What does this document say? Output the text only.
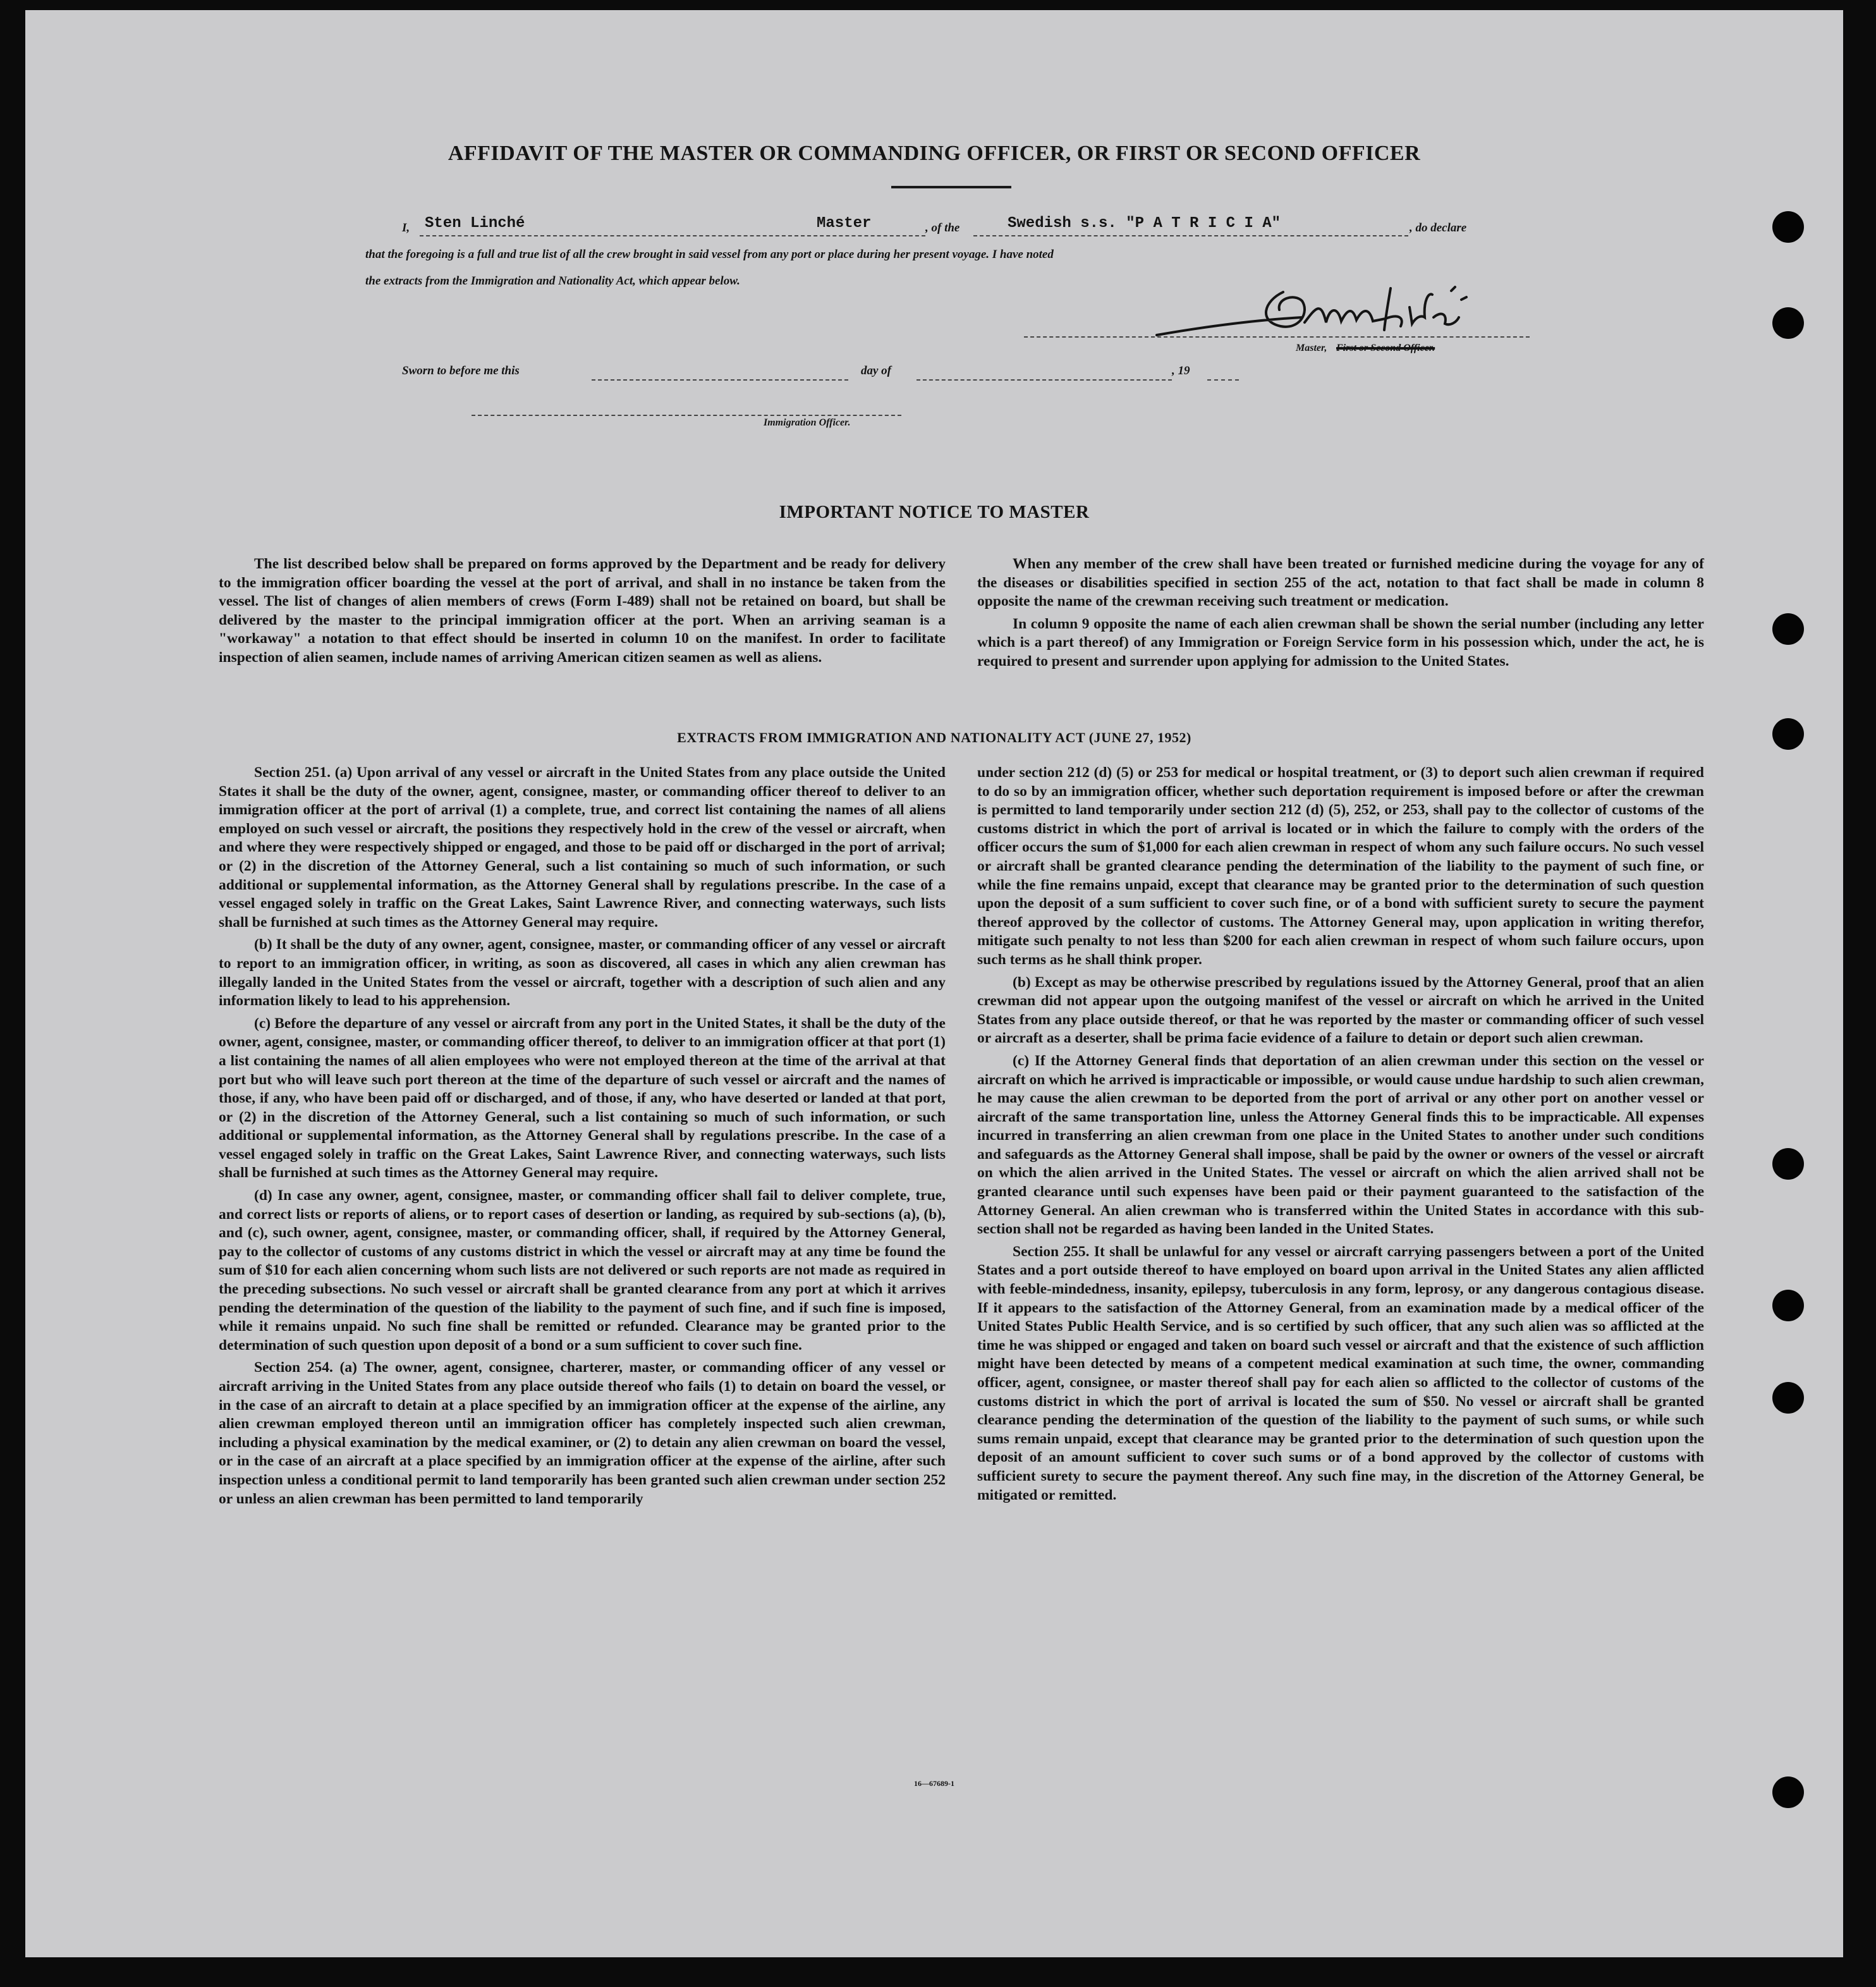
AFFIDAVIT OF THE MASTER OR COMMANDING OFFICER, OR FIRST OR SECOND OFFICER
I, Sten Linché	Master	, of the	Swedish s.s. "P A T R I C I A"	, do declare
that the foregoing is a full and true list of all the crew brought in said vessel from any port or place during her present voyage. I have noted
the extracts from the Immigration and Nationality Act, which appear below.
Master, First or Second Officer.
Sworn to before me this	day of	, 19
Immigration Officer.
IMPORTANT NOTICE TO MASTER

The list described below shall be prepared on forms approved by the Department and be ready for delivery to the immigration officer boarding the vessel at the port of arrival, and shall in no instance be taken from the vessel. The list of changes of alien members of crews (Form I-489) shall not be retained on board, but shall be delivered by the master to the principal immigration officer at the port. When an arriving seaman is a "workaway" a notation to that effect should be inserted in column 10 on the manifest. In order to facilitate inspection of alien seamen, include names of arriving American citizen seamen as well as aliens.

When any member of the crew shall have been treated or furnished medicine during the voyage for any of the diseases or disabilities specified in section 255 of the act, notation to that fact shall be made in column 8 opposite the name of the crewman receiving such treatment or medication.

In column 9 opposite the name of each alien crewman shall be shown the serial number (including any letter which is a part thereof) of any Immigration or Foreign Service form in his possession which, under the act, he is required to present and surrender upon applying for admission to the United States.

EXTRACTS FROM IMMIGRATION AND NATIONALITY ACT (JUNE 27, 1952)

Section 251. (a) Upon arrival of any vessel or aircraft in the United States from any place outside the United States it shall be the duty of the owner, agent, consignee, master, or commanding officer thereof to deliver to an immigration officer at the port of arrival (1) a complete, true, and correct list containing the names of all aliens employed on such vessel or aircraft, the positions they respectively hold in the crew of the vessel or aircraft, when and where they were respectively shipped or engaged, and those to be paid off or discharged in the port of arrival; or (2) in the discretion of the Attorney General, such a list containing so much of such information, or such additional or supplemental information, as the Attorney General shall by regulations prescribe. In the case of a vessel engaged solely in traffic on the Great Lakes, Saint Lawrence River, and connecting waterways, such lists shall be furnished at such times as the Attorney General may require.

(b) It shall be the duty of any owner, agent, consignee, master, or commanding officer of any vessel or aircraft to report to an immigration officer, in writing, as soon as discovered, all cases in which any alien crewman has illegally landed in the United States from the vessel or aircraft, together with a description of such alien and any information likely to lead to his apprehension.

(c) Before the departure of any vessel or aircraft from any port in the United States, it shall be the duty of the owner, agent, consignee, master, or commanding officer thereof, to deliver to an immigration officer at that port (1) a list containing the names of all alien employees who were not employed thereon at the time of the arrival at that port but who will leave such port thereon at the time of the departure of such vessel or aircraft and the names of those, if any, who have been paid off or discharged, and of those, if any, who have deserted or landed at that port, or (2) in the discretion of the Attorney General, such a list containing so much of such information, or such additional or supplemental information, as the Attorney General shall by regulations prescribe. In the case of a vessel engaged solely in traffic on the Great Lakes, Saint Lawrence River, and connecting waterways, such lists shall be furnished at such times as the Attorney General may require.

(d) In case any owner, agent, consignee, master, or commanding officer shall fail to deliver complete, true, and correct lists or reports of aliens, or to report cases of desertion or landing, as required by sub-sections (a), (b), and (c), such owner, agent, consignee, master, or commanding officer, shall, if required by the Attorney General, pay to the collector of customs of any customs district in which the vessel or aircraft may at any time be found the sum of $10 for each alien concerning whom such lists are not delivered or such reports are not made as required in the preceding subsections. No such vessel or aircraft shall be granted clearance from any port at which it arrives pending the determination of the question of the liability to the payment of such fine, and if such fine is imposed, while it remains unpaid. No such fine shall be remitted or refunded. Clearance may be granted prior to the determination of such question upon deposit of a bond or a sum sufficient to cover such fine.

Section 254. (a) The owner, agent, consignee, charterer, master, or commanding officer of any vessel or aircraft arriving in the United States from any place outside thereof who fails (1) to detain on board the vessel, or in the case of an aircraft to detain at a place specified by an immigration officer at the expense of the airline, any alien crewman employed thereon until an immigration officer has completely inspected such alien crewman, including a physical examination by the medical examiner, or (2) to detain any alien crewman on board the vessel, or in the case of an aircraft at a place specified by an immigration officer at the expense of the airline, after such inspection unless a conditional permit to land temporarily has been granted such alien crewman under section 252 or unless an alien crewman has been permitted to land temporarily

under section 212 (d) (5) or 253 for medical or hospital treatment, or (3) to deport such alien crewman if required to do so by an immigration officer, whether such deportation requirement is imposed before or after the crewman is permitted to land temporarily under section 212 (d) (5), 252, or 253, shall pay to the collector of customs of the customs district in which the port of arrival is located or in which the failure to comply with the orders of the officer occurs the sum of $1,000 for each alien crewman in respect of whom any such failure occurs. No such vessel or aircraft shall be granted clearance pending the determination of the liability to the payment of such fine, or while the fine remains unpaid, except that clearance may be granted prior to the determination of such question upon the deposit of a sum sufficient to cover such fine, or of a bond with sufficient surety to secure the payment thereof approved by the collector of customs. The Attorney General may, upon application in writing therefor, mitigate such penalty to not less than $200 for each alien crewman in respect of whom such failure occurs, upon such terms as he shall think proper.

(b) Except as may be otherwise prescribed by regulations issued by the Attorney General, proof that an alien crewman did not appear upon the outgoing manifest of the vessel or aircraft on which he arrived in the United States from any place outside thereof, or that he was reported by the master or commanding officer of such vessel or aircraft as a deserter, shall be prima facie evidence of a failure to detain or deport such alien crewman.

(c) If the Attorney General finds that deportation of an alien crewman under this section on the vessel or aircraft on which he arrived is impracticable or impossible, or would cause undue hardship to such alien crewman, he may cause the alien crewman to be deported from the port of arrival or any other port on another vessel or aircraft of the same transportation line, unless the Attorney General finds this to be impracticable. All expenses incurred in transferring an alien crewman from one place in the United States to another under such conditions and safeguards as the Attorney General shall impose, shall be paid by the owner or owners of the vessel or aircraft on which the alien arrived in the United States. The vessel or aircraft on which the alien arrived shall not be granted clearance until such expenses have been paid or their payment guaranteed to the satisfaction of the Attorney General. An alien crewman who is transferred within the United States in accordance with this sub-section shall not be regarded as having been landed in the United States.

Section 255. It shall be unlawful for any vessel or aircraft carrying passengers between a port of the United States and a port outside thereof to have employed on board upon arrival in the United States any alien afflicted with feeble-mindedness, insanity, epilepsy, tuberculosis in any form, leprosy, or any dangerous contagious disease. If it appears to the satisfaction of the Attorney General, from an examination made by a medical officer of the United States Public Health Service, and is so certified by such officer, that any such alien was so afflicted at the time he was shipped or engaged and taken on board such vessel or aircraft and that the existence of such affliction might have been detected by means of a competent medical examination at such time, the owner, commanding officer, agent, consignee, or master thereof shall pay for each alien so afflicted to the collector of customs of the customs district in which the port of arrival is located the sum of $50. No vessel or aircraft shall be granted clearance pending the determination of the question of the liability to the payment of such sums, or while such sums remain unpaid, except that clearance may be granted prior to the determination of such question upon the deposit of an amount sufficient to cover such sums or of a bond approved by the collector of customs with sufficient surety to secure the payment thereof. Any such fine may, in the discretion of the Attorney General, be mitigated or remitted.

16—67689-1
